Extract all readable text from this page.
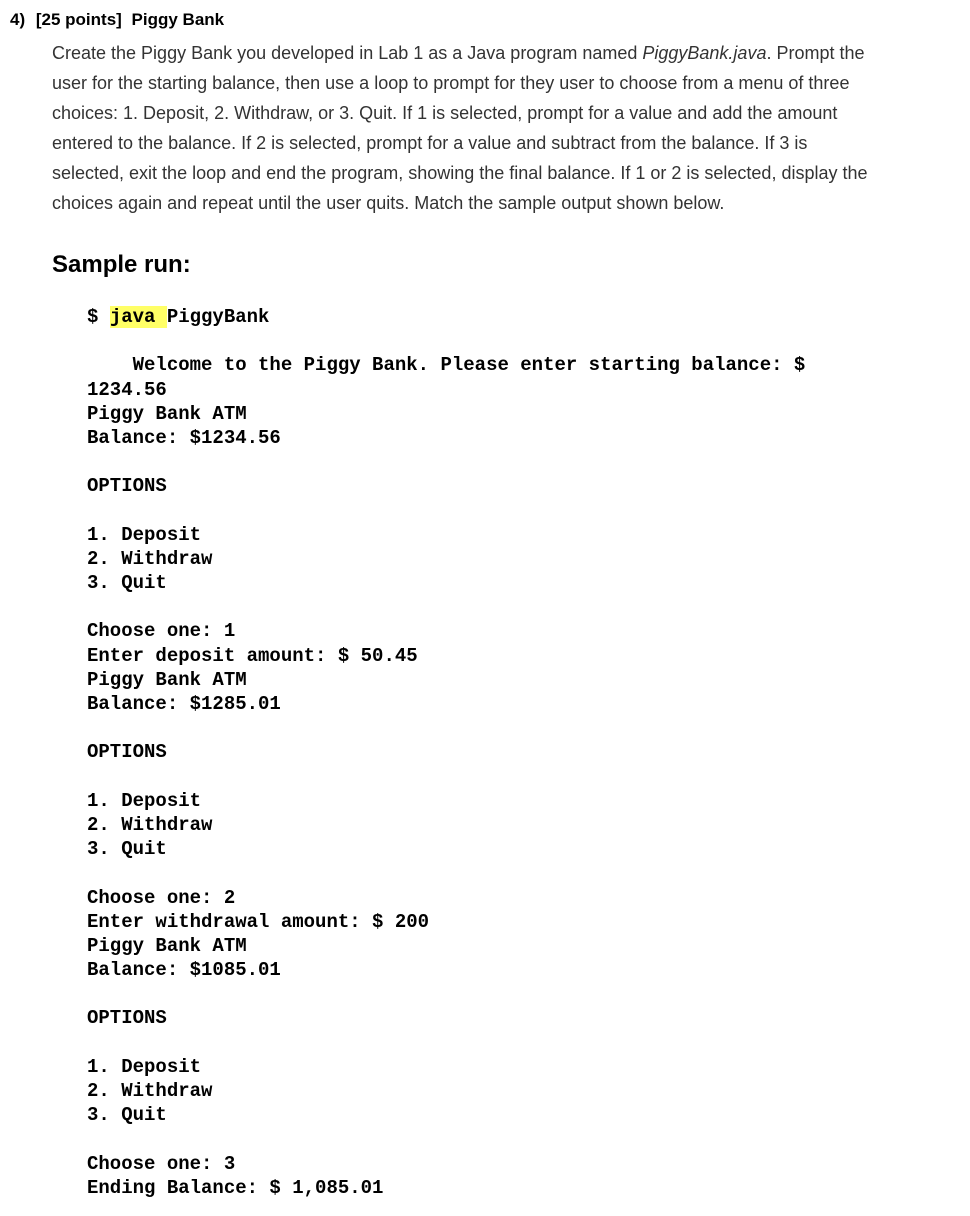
4) [25 points] Piggy Bank
Create the Piggy Bank you developed in Lab 1 as a Java program named PiggyBank.java. Prompt the
user for the starting balance, then use a loop to prompt for they user to choose from a menu of three
choices: 1. Deposit, 2. Withdraw, or 3. Quit. If 1 is selected, prompt for a value and add the amount
entered to the balance. If 2 is selected, prompt for a value and subtract from the balance. If 3 is
selected, exit the loop and end the program, showing the final balance. If 1 or 2 is selected, display the
choices again and repeat until the user quits. Match the sample output shown below.
Sample run:
$ java PiggyBank
Welcome to the Piggy Bank. Please enter starting balance: $
1234.56
Piggy Bank ATM
Balance: $1234.56
OPTIONS
1. Deposit
2. Withdraw
3. Quit
Choose one: 1
Enter deposit amount: $ 50.45
Piggy Bank ATM
Balance: $1285.01
OPTIONS
1. Deposit
2. Withdraw
3. Quit
Choose one: 2
Enter withdrawal amount: $ 200
Piggy Bank ATM
Balance: $1085.01
OPTIONS
1. Deposit
2. Withdraw
3. Quit
Choose one: 3
Ending Balance: $ 1,085.01
